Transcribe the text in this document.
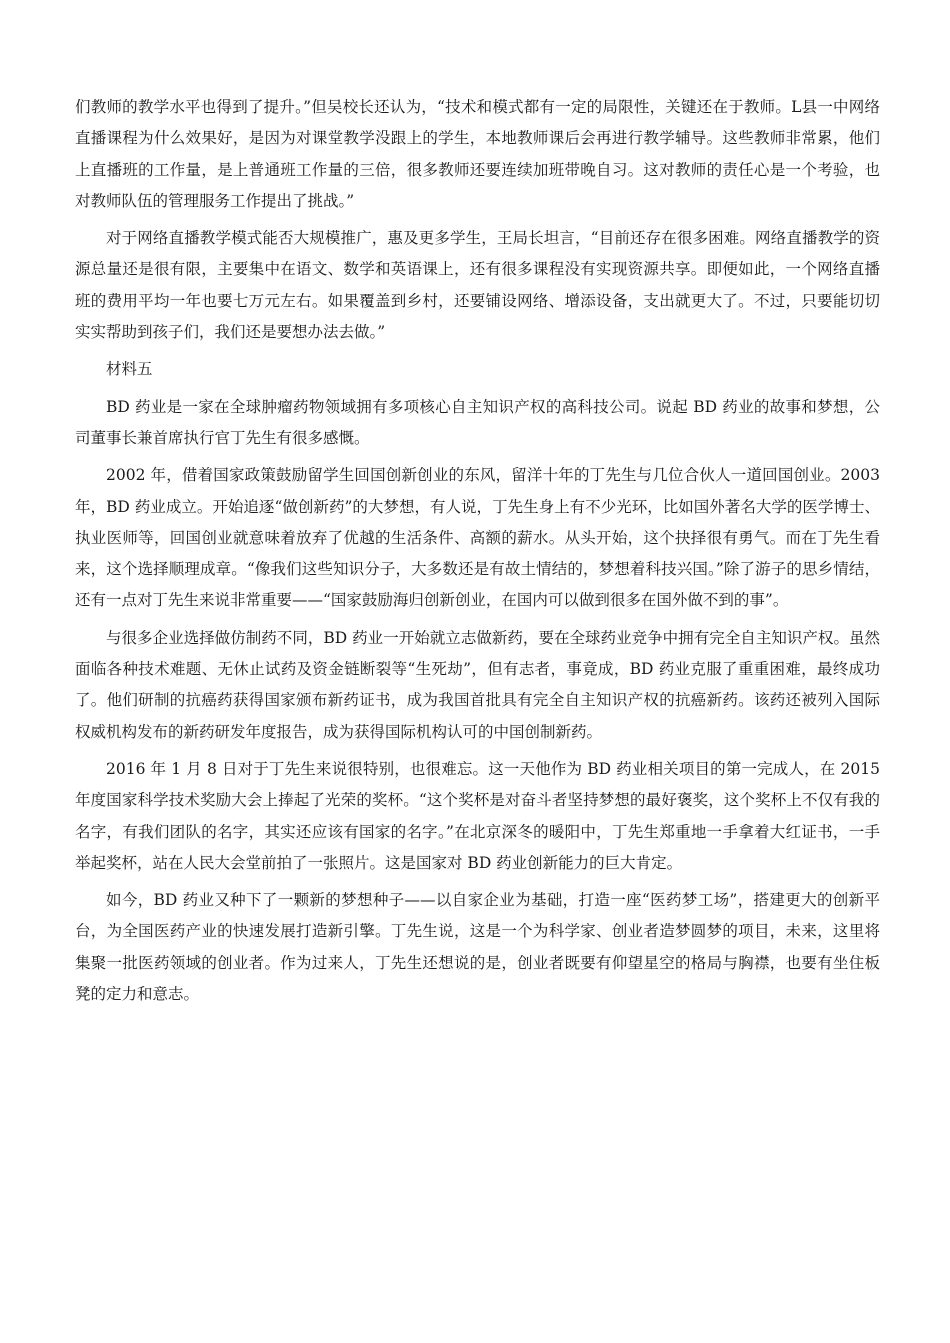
们教师的教学水平也得到了提升。”但吴校长还认为，“技术和模式都有一定的局限性，关键还在于教师。L县一中网络直播课程为什么效果好，是因为对课堂教学没跟上的学生，本地教师课后会再进行教学辅导。这些教师非常累，他们上直播班的工作量，是上普通班工作量的三倍，很多教师还要连续加班带晚自习。这对教师的责任心是一个考验，也对教师队伍的管理服务工作提出了挑战。”

对于网络直播教学模式能否大规模推广，惠及更多学生，王局长坦言，“目前还存在很多困难。网络直播教学的资源总量还是很有限，主要集中在语文、数学和英语课上，还有很多课程没有实现资源共享。即便如此，一个网络直播班的费用平均一年也要七万元左右。如果覆盖到乡村，还要铺设网络、增添设备，支出就更大了。不过，只要能切切实实帮助到孩子们，我们还是要想办法去做。”

材料五

BD 药业是一家在全球肿瘤药物领域拥有多项核心自主知识产权的高科技公司。说起 BD 药业的故事和梦想，公司董事长兼首席执行官丁先生有很多感慨。

2002 年，借着国家政策鼓励留学生回国创新创业的东风，留洋十年的丁先生与几位合伙人一道回国创业。2003 年，BD 药业成立。开始追逐“做创新药”的大梦想，有人说，丁先生身上有不少光环，比如国外著名大学的医学博士、执业医师等，回国创业就意味着放弃了优越的生活条件、高额的薪水。从头开始，这个抉择很有勇气。而在丁先生看来，这个选择顺理成章。“像我们这些知识分子，大多数还是有故土情结的，梦想着科技兴国。”除了游子的思乡情结，还有一点对丁先生来说非常重要——“国家鼓励海归创新创业，在国内可以做到很多在国外做不到的事”。

与很多企业选择做仿制药不同，BD 药业一开始就立志做新药，要在全球药业竞争中拥有完全自主知识产权。虽然面临各种技术难题、无休止试药及资金链断裂等“生死劫”，但有志者，事竟成，BD 药业克服了重重困难，最终成功了。他们研制的抗癌药获得国家颁布新药证书，成为我国首批具有完全自主知识产权的抗癌新药。该药还被列入国际权威机构发布的新药研发年度报告，成为获得国际机构认可的中国创制新药。

2016 年 1 月 8 日对于丁先生来说很特别，也很难忘。这一天他作为 BD 药业相关项目的第一完成人，在 2015年度国家科学技术奖励大会上捧起了光荣的奖杯。“这个奖杯是对奋斗者坚持梦想的最好褒奖，这个奖杯上不仅有我的名字，有我们团队的名字，其实还应该有国家的名字。”在北京深冬的暖阳中，丁先生郑重地一手拿着大红证书，一手举起奖杯，站在人民大会堂前拍了一张照片。这是国家对 BD 药业创新能力的巨大肯定。

如今，BD 药业又种下了一颗新的梦想种子——以自家企业为基础，打造一座“医药梦工场”，搭建更大的创新平台，为全国医药产业的快速发展打造新引擎。丁先生说，这是一个为科学家、创业者造梦圆梦的项目，未来，这里将集聚一批医药领域的创业者。作为过来人，丁先生还想说的是，创业者既要有仰望星空的格局与胸襟，也要有坐住板凳的定力和意志。
